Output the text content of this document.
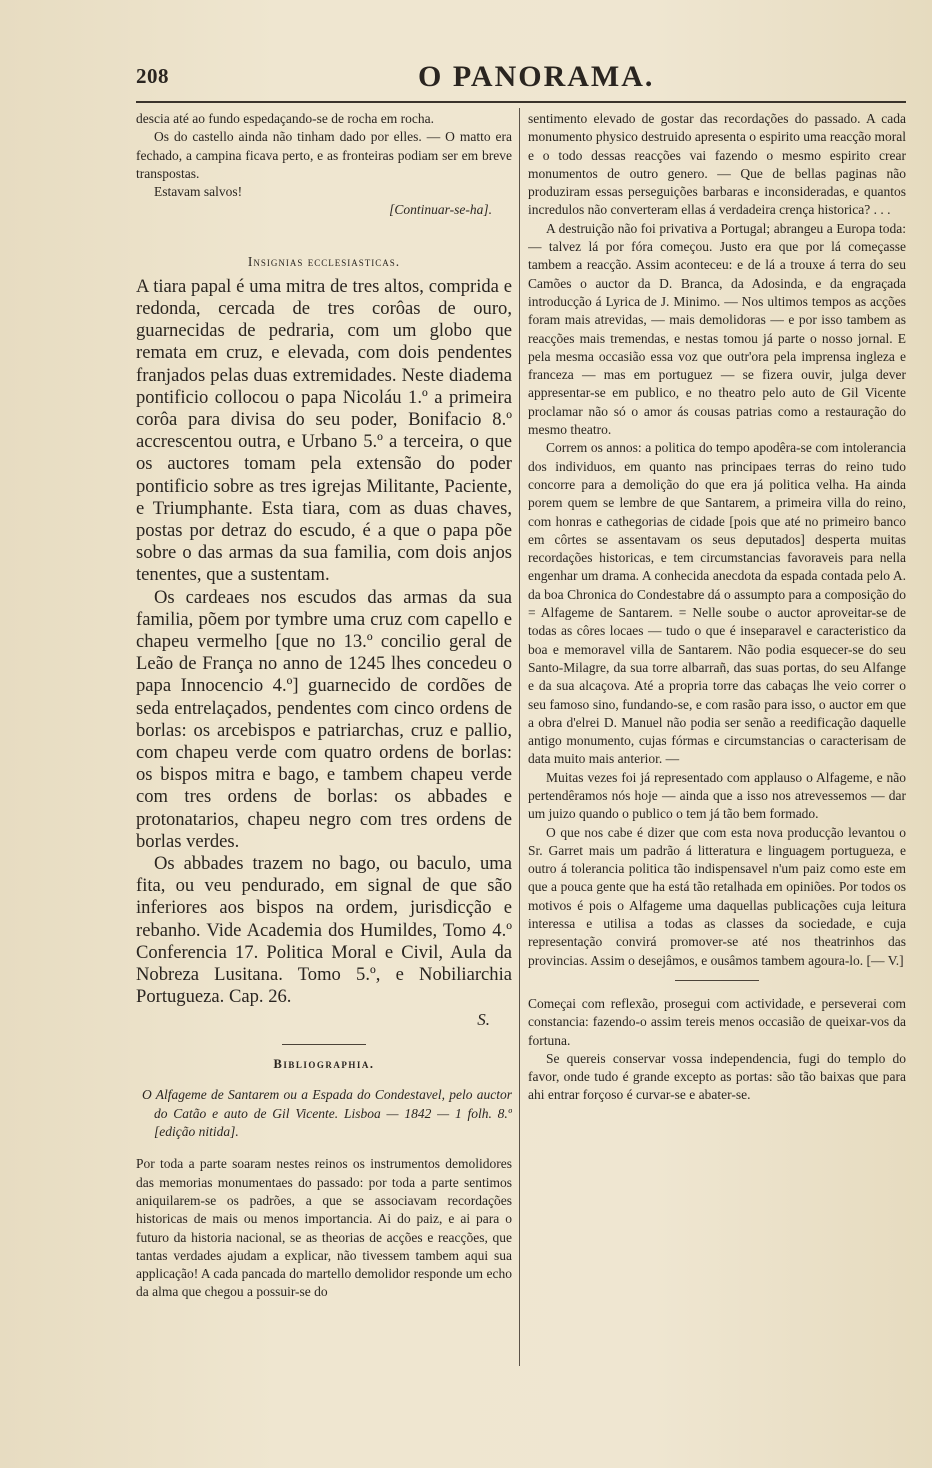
208	O PANORAMA.

descia até ao fundo espedaçando-se de rocha em rocha.

Os do castello ainda não tinham dado por elles. — O matto era fechado, a campina ficava perto, e as fronteiras podiam ser em breve transpostas.

Estavam salvos!

[Continuar-se-ha].

Insignias ecclesiasticas.

A tiara papal é uma mitra de tres altos, comprida e redonda, cercada de tres corôas de ouro, guarnecidas de pedraria, com um globo que remata em cruz, e elevada, com dois pendentes franjados pelas duas extremidades. Neste diadema pontificio collocou o papa Nicoláu 1.º a primeira corôa para divisa do seu poder, Bonifacio 8.º accrescentou outra, e Urbano 5.º a terceira, o que os auctores tomam pela extensão do poder pontificio sobre as tres igrejas Militante, Paciente, e Triumphante. Esta tiara, com as duas chaves, postas por detraz do escudo, é a que o papa põe sobre o das armas da sua familia, com dois anjos tenentes, que a sustentam.

Os cardeaes nos escudos das armas da sua familia, põem por tymbre uma cruz com capello e chapeu vermelho [que no 13.º concilio geral de Leão de França no anno de 1245 lhes concedeu o papa Innocencio 4.º] guarnecido de cordões de seda entrelaçados, pendentes com cinco ordens de borlas: os arcebispos e patriarchas, cruz e pallio, com chapeu verde com quatro ordens de borlas: os bispos mitra e bago, e tambem chapeu verde com tres ordens de borlas: os abbades e protonatarios, chapeu negro com tres ordens de borlas verdes.

Os abbades trazem no bago, ou baculo, uma fita, ou veu pendurado, em signal de que são inferiores aos bispos na ordem, jurisdicção e rebanho. Vide Academia dos Humildes, Tomo 4.º Conferencia 17. Politica Moral e Civil, Aula da Nobreza Lusitana. Tomo 5.º, e Nobiliarchia Portugueza. Cap. 26.

S.
Bibliographia.

O Alfageme de Santarem ou a Espada do Condestavel, pelo auctor do Catão e auto de Gil Vicente. Lisboa — 1842 — 1 folh. 8.º [edição nitida].

Por toda a parte soaram nestes reinos os instrumentos demolidores das memorias monumentaes do passado: por toda a parte sentimos aniquilarem-se os padrões, a que se associavam recordações historicas de mais ou menos importancia. Ai do paiz, e ai para o futuro da historia nacional, se as theorias de acções e reacções, que tantas verdades ajudam a explicar, não tivessem tambem aqui sua applicação! A cada pancada do martello demolidor responde um echo da alma que chegou a possuir-se do

sentimento elevado de gostar das recordações do passado. A cada monumento physico destruido apresenta o espirito uma reacção moral e o todo dessas reacções vai fazendo o mesmo espirito crear monumentos de outro genero. — Que de bellas paginas não produziram essas perseguições barbaras e inconsideradas, e quantos incredulos não converteram ellas á verdadeira crença historica? . . .

A destruição não foi privativa a Portugal; abrangeu a Europa toda: — talvez lá por fóra começou. Justo era que por lá começasse tambem a reacção. Assim aconteceu: e de lá a trouxe á terra do seu Camões o auctor da D. Branca, da Adosinda, e da engraçada introducção á Lyrica de J. Minimo. — Nos ultimos tempos as acções foram mais atrevidas, — mais demolidoras — e por isso tambem as reacções mais tremendas, e nestas tomou já parte o nosso jornal. E pela mesma occasião essa voz que outr'ora pela imprensa ingleza e franceza — mas em portuguez — se fizera ouvir, julga dever appresentar-se em publico, e no theatro pelo auto de Gil Vicente proclamar não só o amor ás cousas patrias como a restauração do mesmo theatro.

Correm os annos: a politica do tempo apodêra-se com intolerancia dos individuos, em quanto nas principaes terras do reino tudo concorre para a demolição do que era já politica velha. Ha ainda porem quem se lembre de que Santarem, a primeira villa do reino, com honras e cathegorias de cidade [pois que até no primeiro banco em côrtes se assentavam os seus deputados] desperta muitas recordações historicas, e tem circumstancias favoraveis para nella engenhar um drama. A conhecida anecdota da espada contada pelo A. da boa Chronica do Condestabre dá o assumpto para a composição do = Alfageme de Santarem. = Nelle soube o auctor aproveitar-se de todas as côres locaes — tudo o que é inseparavel e caracteristico da boa e memoravel villa de Santarem. Não podia esquecer-se do seu Santo-Milagre, da sua torre albarrañ, das suas portas, do seu Alfange e da sua alcaçova. Até a propria torre das cabaças lhe veio correr o seu famoso sino, fundando-se, e com rasão para isso, o auctor em que a obra d'elrei D. Manuel não podia ser senão a reedificação daquelle antigo monumento, cujas fórmas e circumstancias o caracterisam de data muito mais anterior. —

Muitas vezes foi já representado com applauso o Alfageme, e não pertendêramos nós hoje — ainda que a isso nos atrevessemos — dar um juizo quando o publico o tem já tão bem formado.

O que nos cabe é dizer que com esta nova producção levantou o Sr. Garret mais um padrão á litteratura e linguagem portugueza, e outro á tolerancia politica tão indispensavel n'um paiz como este em que a pouca gente que ha está tão retalhada em opiniões. Por todos os motivos é pois o Alfageme uma daquellas publicações cuja leitura interessa e utilisa a todas as classes da sociedade, e cuja representação convirá promover-se até nos theatrinhos das provincias. Assim o desejâmos, e ousâmos tambem agoura-lo. [— V.]

Começai com reflexão, prosegui com actividade, e perseverai com constancia: fazendo-o assim tereis menos occasião de queixar-vos da fortuna.

Se quereis conservar vossa independencia, fugi do templo do favor, onde tudo é grande excepto as portas: são tão baixas que para ahi entrar forçoso é curvar-se e abater-se.
